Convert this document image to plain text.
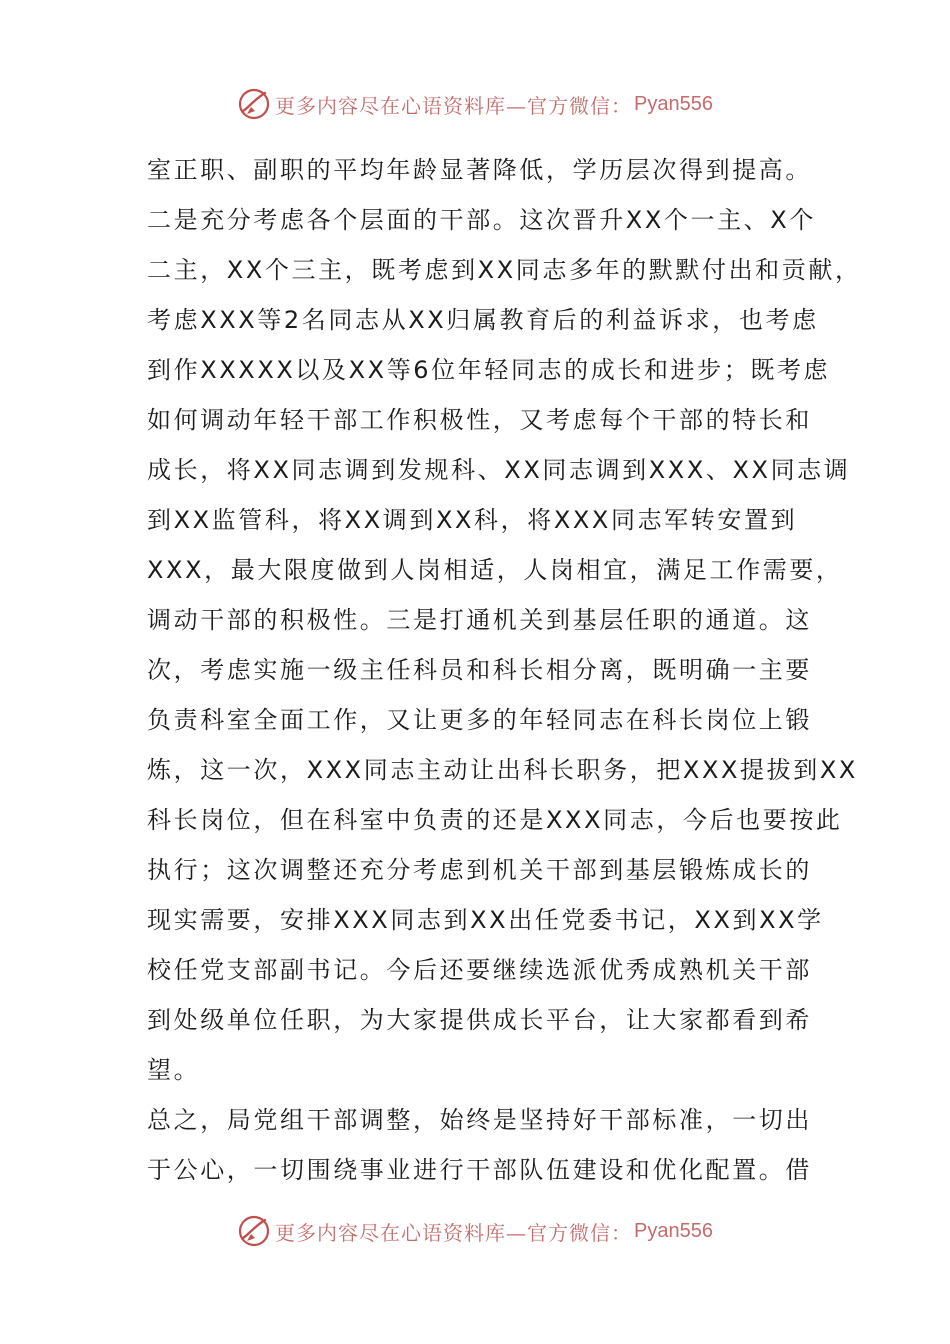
更多内容尽在心语资料库—官方微信： Pyan556
室正职、副职的平均年龄显著降低，学历层次得到提高。
二是充分考虑各个层面的干部。这次晋升XX个一主、X个
二主，XX个三主，既考虑到XX同志多年的默默付出和贡献，
考虑XXX等2名同志从XX归属教育后的利益诉求，也考虑
到作XXXXX以及XX等6位年轻同志的成长和进步；既考虑
如何调动年轻干部工作积极性，又考虑每个干部的特长和
成长，将XX同志调到发规科、XX同志调到XXX、XX同志调
到XX监管科，将XX调到XX科，将XXX同志军转安置到
XXX，最大限度做到人岗相适，人岗相宜，满足工作需要，
调动干部的积极性。三是打通机关到基层任职的通道。这
次，考虑实施一级主任科员和科长相分离，既明确一主要
负责科室全面工作，又让更多的年轻同志在科长岗位上锻
炼，这一次，XXX同志主动让出科长职务，把XXX提拔到XX
科长岗位，但在科室中负责的还是XXX同志，今后也要按此
执行；这次调整还充分考虑到机关干部到基层锻炼成长的
现实需要，安排XXX同志到XX出任党委书记，XX到XX学
校任党支部副书记。今后还要继续选派优秀成熟机关干部
到处级单位任职，为大家提供成长平台，让大家都看到希
望。
总之，局党组干部调整，始终是坚持好干部标准，一切出
于公心，一切围绕事业进行干部队伍建设和优化配置。借
更多内容尽在心语资料库—官方微信： Pyan556
